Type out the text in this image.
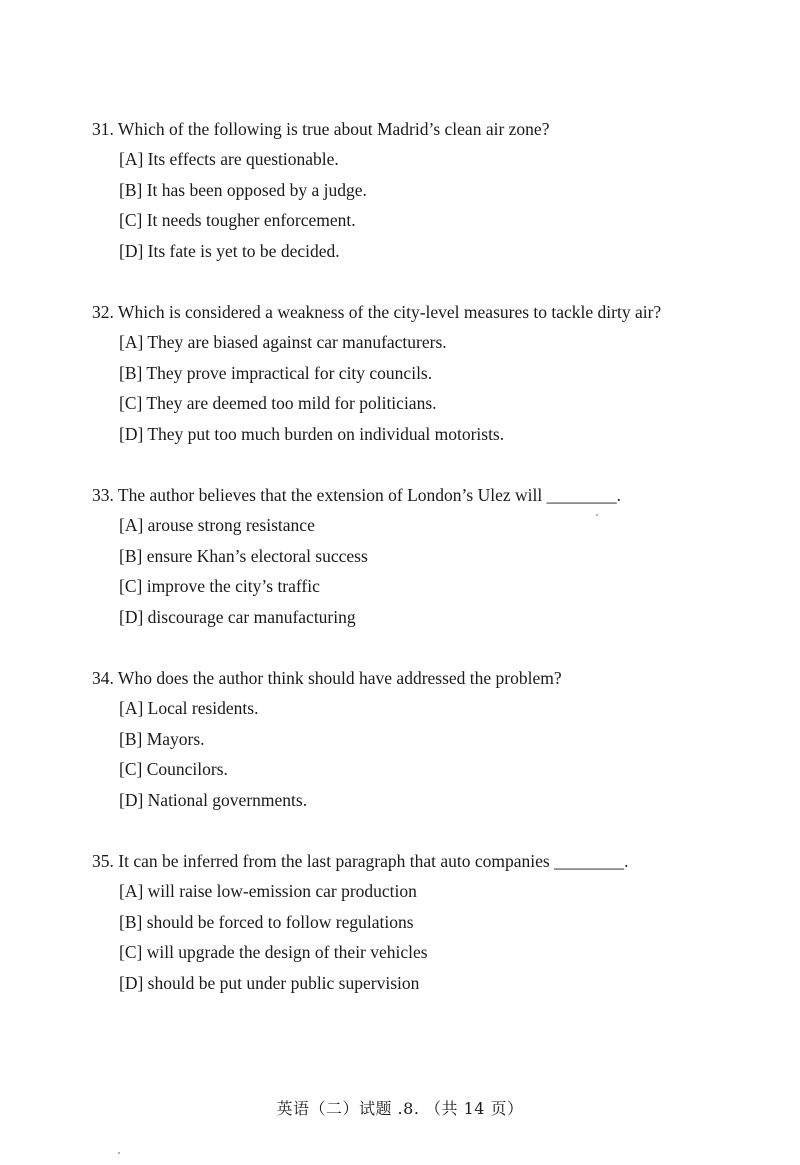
31. Which of the following is true about Madrid’s clean air zone?
[A] Its effects are questionable.
[B] It has been opposed by a judge.
[C] It needs tougher enforcement.
[D] Its fate is yet to be decided.
32. Which is considered a weakness of the city-level measures to tackle dirty air?
[A] They are biased against car manufacturers.
[B] They prove impractical for city councils.
[C] They are deemed too mild for politicians.
[D] They put too much burden on individual motorists.
33. The author believes that the extension of London’s Ulez will ________.
[A] arouse strong resistance
[B] ensure Khan’s electoral success
[C] improve the city’s traffic
[D] discourage car manufacturing
34. Who does the author think should have addressed the problem?
[A] Local residents.
[B] Mayors.
[C] Councilors.
[D] National governments.
35. It can be inferred from the last paragraph that auto companies ________.
[A] will raise low-emission car production
[B] should be forced to follow regulations
[C] will upgrade the design of their vehicles
[D] should be put under public supervision
英语（二）试题 .8. （共 14 页）
